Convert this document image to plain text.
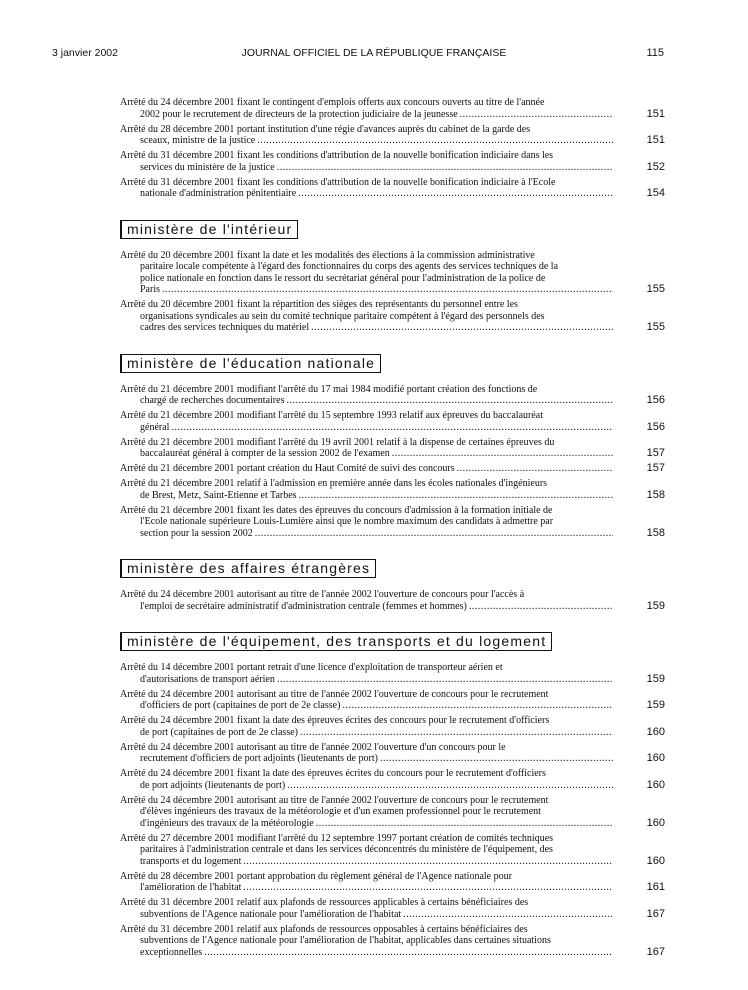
3 janvier 2002	JOURNAL OFFICIEL DE LA RÉPUBLIQUE FRANÇAISE	115
Arrêté du 24 décembre 2001 fixant le contingent d'emplois offerts aux concours ouverts au titre de l'année
2002 pour le recrutement de directeurs de la protection judiciaire de la jeunesse .....	151
Arrêté du 28 décembre 2001 portant institution d'une régie d'avances auprès du cabinet de la garde des
sceaux, ministre de la justice .....	151
Arrêté du 31 décembre 2001 fixant les conditions d'attribution de la nouvelle bonification indiciaire dans les
services du ministère de la justice .....	152
Arrêté du 31 décembre 2001 fixant les conditions d'attribution de la nouvelle bonification indiciaire à l'Ecole
nationale d'administration pénitentiaire .....	154
ministère de l'intérieur
Arrêté du 20 décembre 2001 fixant la date et les modalités des élections à la commission administrative
paritaire locale compétente à l'égard des fonctionnaires du corps des agents des services techniques de la
police nationale en fonction dans le ressort du secrétariat général pour l'administration de la police de
Paris .....	155
Arrêté du 20 décembre 2001 fixant la répartition des sièges des représentants du personnel entre les
organisations syndicales au sein du comité technique paritaire compétent à l'égard des personnels des
cadres des services techniques du matériel .....	155
ministère de l'éducation nationale
Arrêté du 21 décembre 2001 modifiant l'arrêté du 17 mai 1984 modifié portant création des fonctions de
chargé de recherches documentaires .....	156
Arrêté du 21 décembre 2001 modifiant l'arrêté du 15 septembre 1993 relatif aux épreuves du baccalauréat
général .....	156
Arrêté du 21 décembre 2001 modifiant l'arrêté du 19 avril 2001 relatif à la dispense de certaines épreuves du
baccalauréat général à compter de la session 2002 de l'examen .....	157
Arrêté du 21 décembre 2001 portant création du Haut Comité de suivi des concours .....	157
Arrêté du 21 décembre 2001 relatif à l'admission en première année dans les écoles nationales d'ingénieurs
de Brest, Metz, Saint-Etienne et Tarbes .....	158
Arrêté du 21 décembre 2001 fixant les dates des épreuves du concours d'admission à la formation initiale de
l'Ecole nationale supérieure Louis-Lumière ainsi que le nombre maximum des candidats à admettre par
section pour la session 2002 .....	158
ministère des affaires étrangères
Arrêté du 24 décembre 2001 autorisant au titre de l'année 2002 l'ouverture de concours pour l'accès à
l'emploi de secrétaire administratif d'administration centrale (femmes et hommes) .....	159
ministère de l'équipement, des transports et du logement
Arrêté du 14 décembre 2001 portant retrait d'une licence d'exploitation de transporteur aérien et
d'autorisations de transport aérien .....	159
Arrêté du 24 décembre 2001 autorisant au titre de l'année 2002 l'ouverture de concours pour le recrutement
d'officiers de port (capitaines de port de 2e classe) .....	159
Arrêté du 24 décembre 2001 fixant la date des épreuves écrites des concours pour le recrutement d'officiers
de port (capitaines de port de 2e classe) .....	160
Arrêté du 24 décembre 2001 autorisant au titre de l'année 2002 l'ouverture d'un concours pour le
recrutement d'officiers de port adjoints (lieutenants de port) .....	160
Arrêté du 24 décembre 2001 fixant la date des épreuves écrites du concours pour le recrutement d'officiers
de port adjoints (lieutenants de port) .....	160
Arrêté du 24 décembre 2001 autorisant au titre de l'année 2002 l'ouverture de concours pour le recrutement
d'élèves ingénieurs des travaux de la météorologie et d'un examen professionnel pour le recrutement
d'ingénieurs des travaux de la météorologie .....	160
Arrêté du 27 décembre 2001 modifiant l'arrêté du 12 septembre 1997 portant création de comités techniques
paritaires à l'administration centrale et dans les services déconcentrés du ministère de l'équipement, des
transports et du logement .....	160
Arrêté du 28 décembre 2001 portant approbation du règlement général de l'Agence nationale pour
l'amélioration de l'habitat .....	161
Arrêté du 31 décembre 2001 relatif aux plafonds de ressources applicables à certains bénéficiaires des
subventions de l'Agence nationale pour l'amélioration de l'habitat .....	167
Arrêté du 31 décembre 2001 relatif aux plafonds de ressources opposables à certains bénéficiaires des
subventions de l'Agence nationale pour l'amélioration de l'habitat, applicables dans certaines situations
exceptionnelles .....	167
